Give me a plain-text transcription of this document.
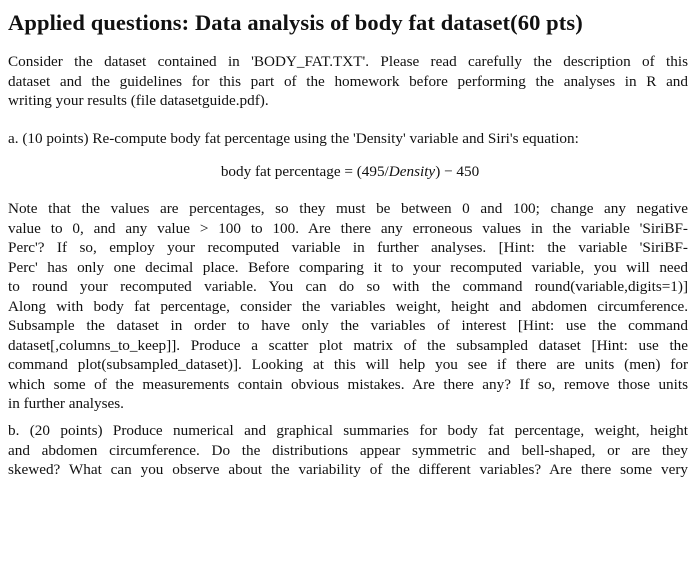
Applied questions: Data analysis of body fat dataset(60 pts)

Consider the dataset contained in 'BODY_FAT.TXT'. Please read carefully the description of this
dataset and the guidelines for this part of the homework before performing the analyses in R and
writing your results (file datasetguide.pdf).

a. (10 points) Re-compute body fat percentage using the 'Density' variable and Siri's equation:

body fat percentage = (495/Density) − 450

Note that the values are percentages, so they must be between 0 and 100; change any negative
value to 0, and any value > 100 to 100. Are there any erroneous values in the variable 'SiriBF-
Perc'? If so, employ your recomputed variable in further analyses. [Hint: the variable 'SiriBF-
Perc' has only one decimal place. Before comparing it to your recomputed variable, you will need
to round your recomputed variable. You can do so with the command round(variable,digits=1)]
Along with body fat percentage, consider the variables weight, height and abdomen circumference.
Subsample the dataset in order to have only the variables of interest [Hint: use the command
dataset[,columns_to_keep]]. Produce a scatter plot matrix of the subsampled dataset [Hint: use the
command plot(subsampled_dataset)]. Looking at this will help you see if there are units (men) for
which some of the measurements contain obvious mistakes. Are there any? If so, remove those units
in further analyses.

b. (20 points) Produce numerical and graphical summaries for body fat percentage, weight, height
and abdomen circumference. Do the distributions appear symmetric and bell-shaped, or are they
skewed? What can you observe about the variability of the different variables? Are there some very
